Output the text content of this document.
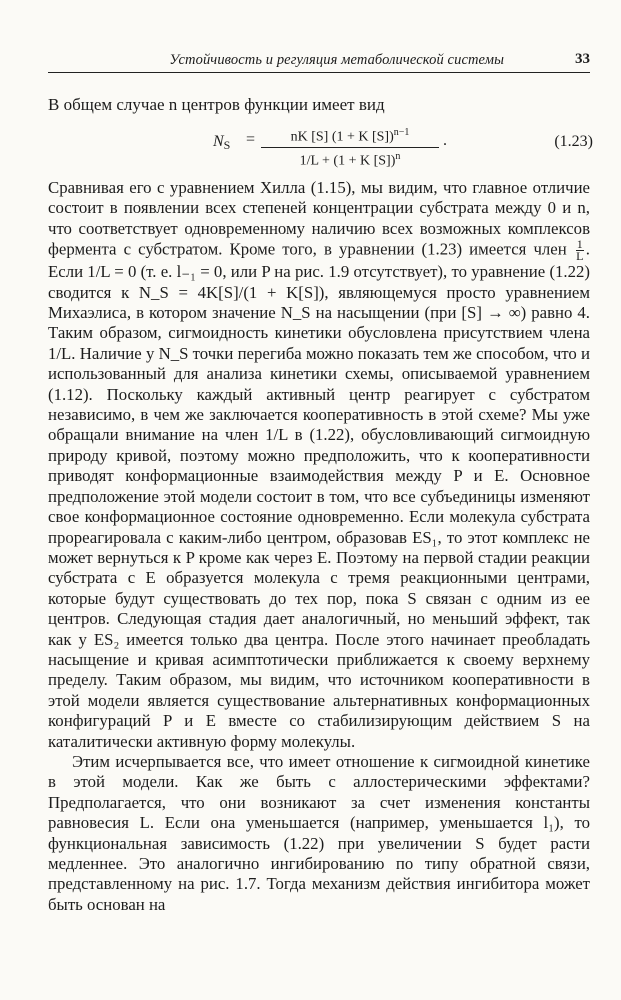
Устойчивость и регуляция метаболической системы	33
В общем случае n центров функции имеет вид
$N_S = \frac{nK [S] (1 + K [S])^{n-1}}{1/L + (1 + K [S])^n}$ .	(1.23)

Сравнивая его с уравнением Хилла (1.15), мы видим, что главное отличие состоит в появлении всех степеней концентрации субстрата между 0 и n, что соответствует одновременному наличию всех возможных комплексов фермента с субстратом. Кроме того, в уравнении (1.23) имеется член $\frac{1}{L}$ . Если 1/L = 0 (т. е. l₋₁ = 0, или P на рис. 1.9 отсутствует), то уравнение (1.22) сводится к N_S = 4K[S]/(1 + K[S]), являющемуся просто уравнением Михаэлиса, в котором значение N_S на насыщении (при [S] → ∞) равно 4. Таким образом, сигмоидность кинетики обусловлена присутствием члена 1/L. Наличие у N_S точки перегиба можно показать тем же способом, что и использованный для анализа кинетики схемы, описываемой уравнением (1.12). Поскольку каждый активный центр реагирует с субстратом независимо, в чем же заключается кооперативность в этой схеме? Мы уже обращали внимание на член 1/L в (1.22), обусловливающий сигмоидную природу кривой, поэтому можно предположить, что к кооперативности приводят конформационные взаимодействия между P и E. Основное предположение этой модели состоит в том, что все субъединицы изменяют свое конформационное состояние одновременно. Если молекула субстрата прореагировала с каким-либо центром, образовав ES₁, то этот комплекс не может вернуться к P кроме как через E. Поэтому на первой стадии реакции субстрата с E образуется молекула с тремя реакционными центрами, которые будут существовать до тех пор, пока S связан с одним из ее центров. Следующая стадия дает аналогичный, но меньший эффект, так как у ES₂ имеется только два центра. После этого начинает преобладать насыщение и кривая асимптотически приближается к своему верхнему пределу. Таким образом, мы видим, что источником кооперативности в этой модели является существование альтернативных конформационных конфигураций P и E вместе со стабилизирующим действием S на каталитически активную форму молекулы.

Этим исчерпывается все, что имеет отношение к сигмоидной кинетике в этой модели. Как же быть с аллостерическими эффектами? Предполагается, что они возникают за счет изменения константы равновесия L. Если она уменьшается (например, уменьшается l₁), то функциональная зависимость (1.22) при увеличении S будет расти медленнее. Это аналогично ингибированию по типу обратной связи, представленному на рис. 1.7. Тогда механизм действия ингибитора может быть основан на
